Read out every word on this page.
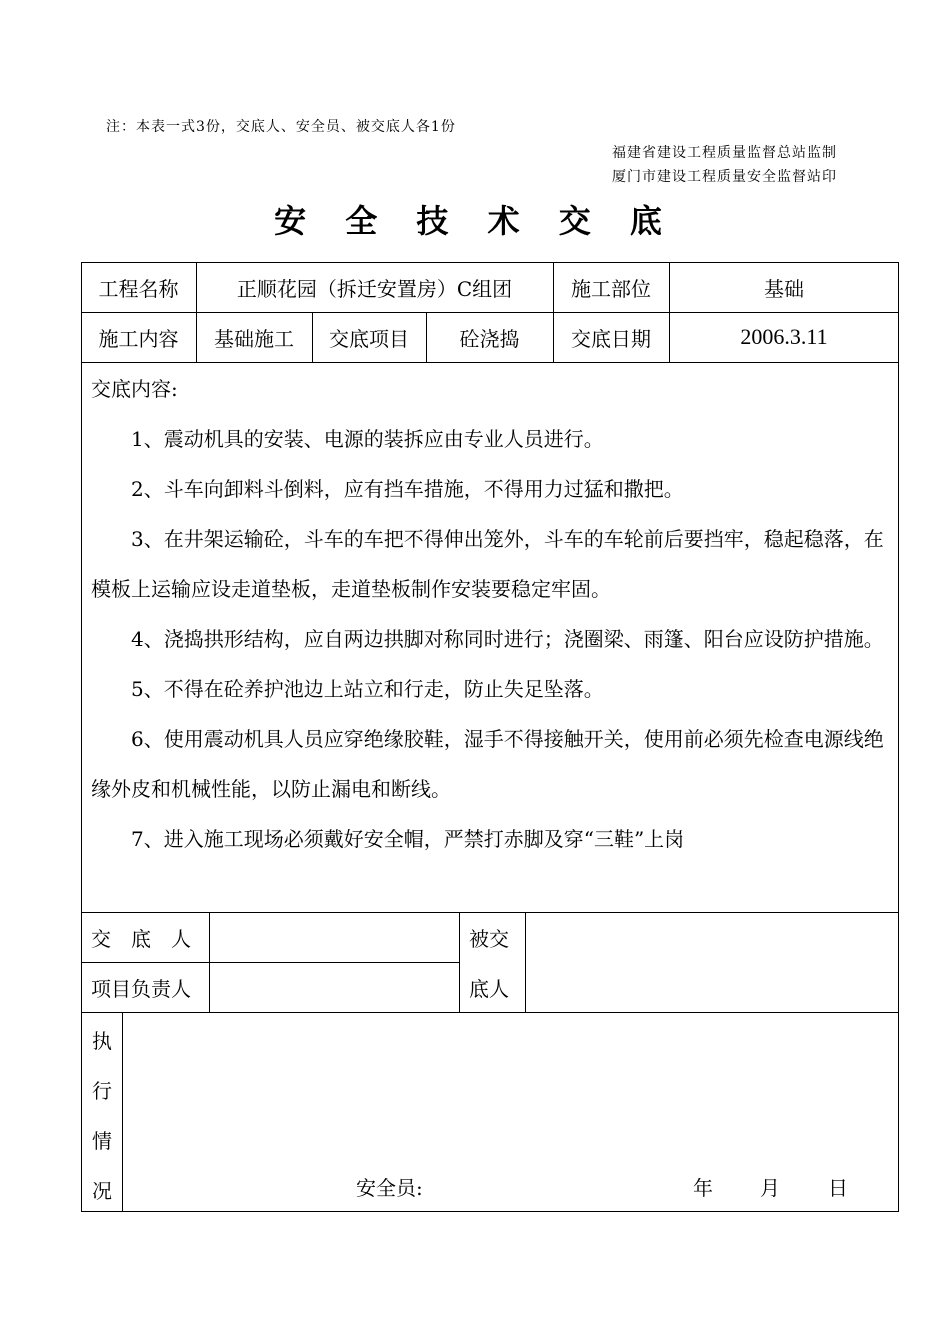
注：本表一式3份，交底人、安全员、被交底人各1份
福建省建设工程质量监督总站监制
厦门市建设工程质量安全监督站印
安 全 技 术 交 底
工程名称	正顺花园（拆迁安置房）C组团	施工部位	基础
施工内容	基础施工	交底项目	砼浇捣	交底日期	2006.3.11
交底内容:

1、震动机具的安装、电源的装拆应由专业人员进行。

2、斗车向卸料斗倒料，应有挡车措施，不得用力过猛和撒把。

3、在井架运输砼，斗车的车把不得伸出笼外，斗车的车轮前后要挡牢，稳起稳落，在模板上运输应设走道垫板，走道垫板制作安装要稳定牢固。

4、浇捣拱形结构，应自两边拱脚对称同时进行；浇圈梁、雨篷、阳台应设防护措施。

5、不得在砼养护池边上站立和行走，防止失足坠落。

6、使用震动机具人员应穿绝缘胶鞋，湿手不得接触开关，使用前必须先检查电源线绝缘外皮和机械性能，以防止漏电和断线。

7、进入施工现场必须戴好安全帽，严禁打赤脚及穿“三鞋”上岗

交　底　人
项目负责人
被交
底人
执
行
情
况	安全员:	年 月 日
